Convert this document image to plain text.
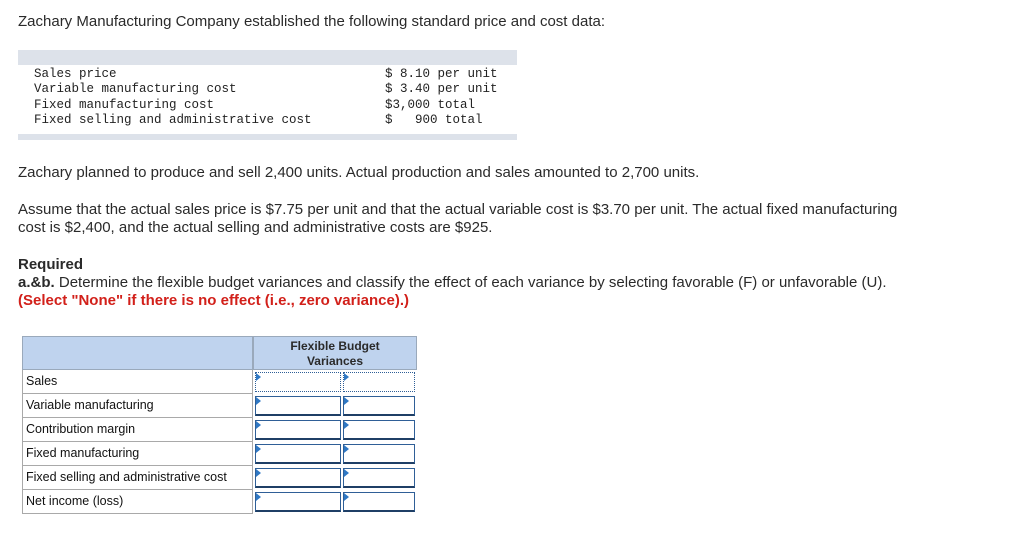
Zachary Manufacturing Company established the following standard price and cost data:

Sales price	$ 8.10 per unit
Variable manufacturing cost	$ 3.40 per unit
Fixed manufacturing cost	$3,000 total
Fixed selling and administrative cost	$   900 total

Zachary planned to produce and sell 2,400 units. Actual production and sales amounted to 2,700 units.

Assume that the actual sales price is $7.75 per unit and that the actual variable cost is $3.70 per unit. The actual fixed manufacturing

cost is $2,400, and the actual selling and administrative costs are $925.

Required

a.&b. Determine the flexible budget variances and classify the effect of each variance by selecting favorable (F) or unfavorable (U).

(Select "None" if there is no effect (i.e., zero variance).)

Flexible Budget
Variances
Sales
Variable manufacturing
Contribution margin
Fixed manufacturing
Fixed selling and administrative cost
Net income (loss)
